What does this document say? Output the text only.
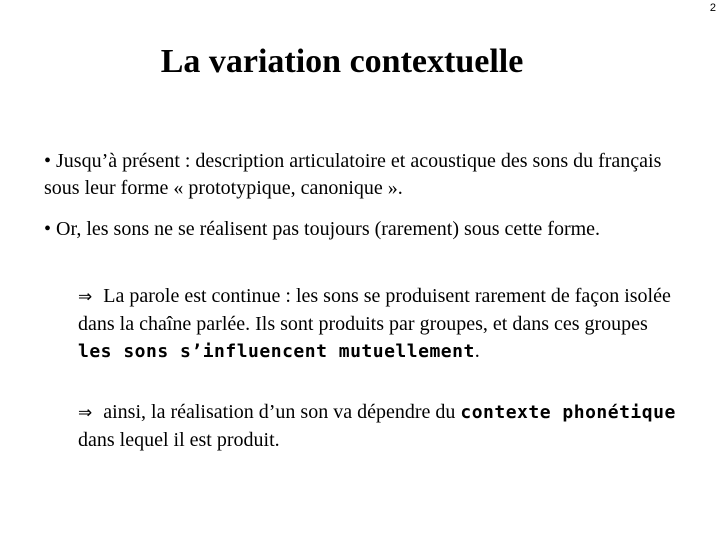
2
La variation contextuelle
• Jusqu’à présent : description articulatoire et acoustique des sons du français sous leur forme « prototypique, canonique ».
• Or, les sons ne se réalisent pas toujours (rarement) sous cette forme.
⇒ La parole est continue : les sons se produisent rarement de façon isolée dans la chaîne parlée. Ils sont produits par groupes, et dans ces groupes les sons s’influencent mutuellement.
⇒ ainsi, la réalisation d’un son va dépendre du contexte phonétique dans lequel il est produit.
